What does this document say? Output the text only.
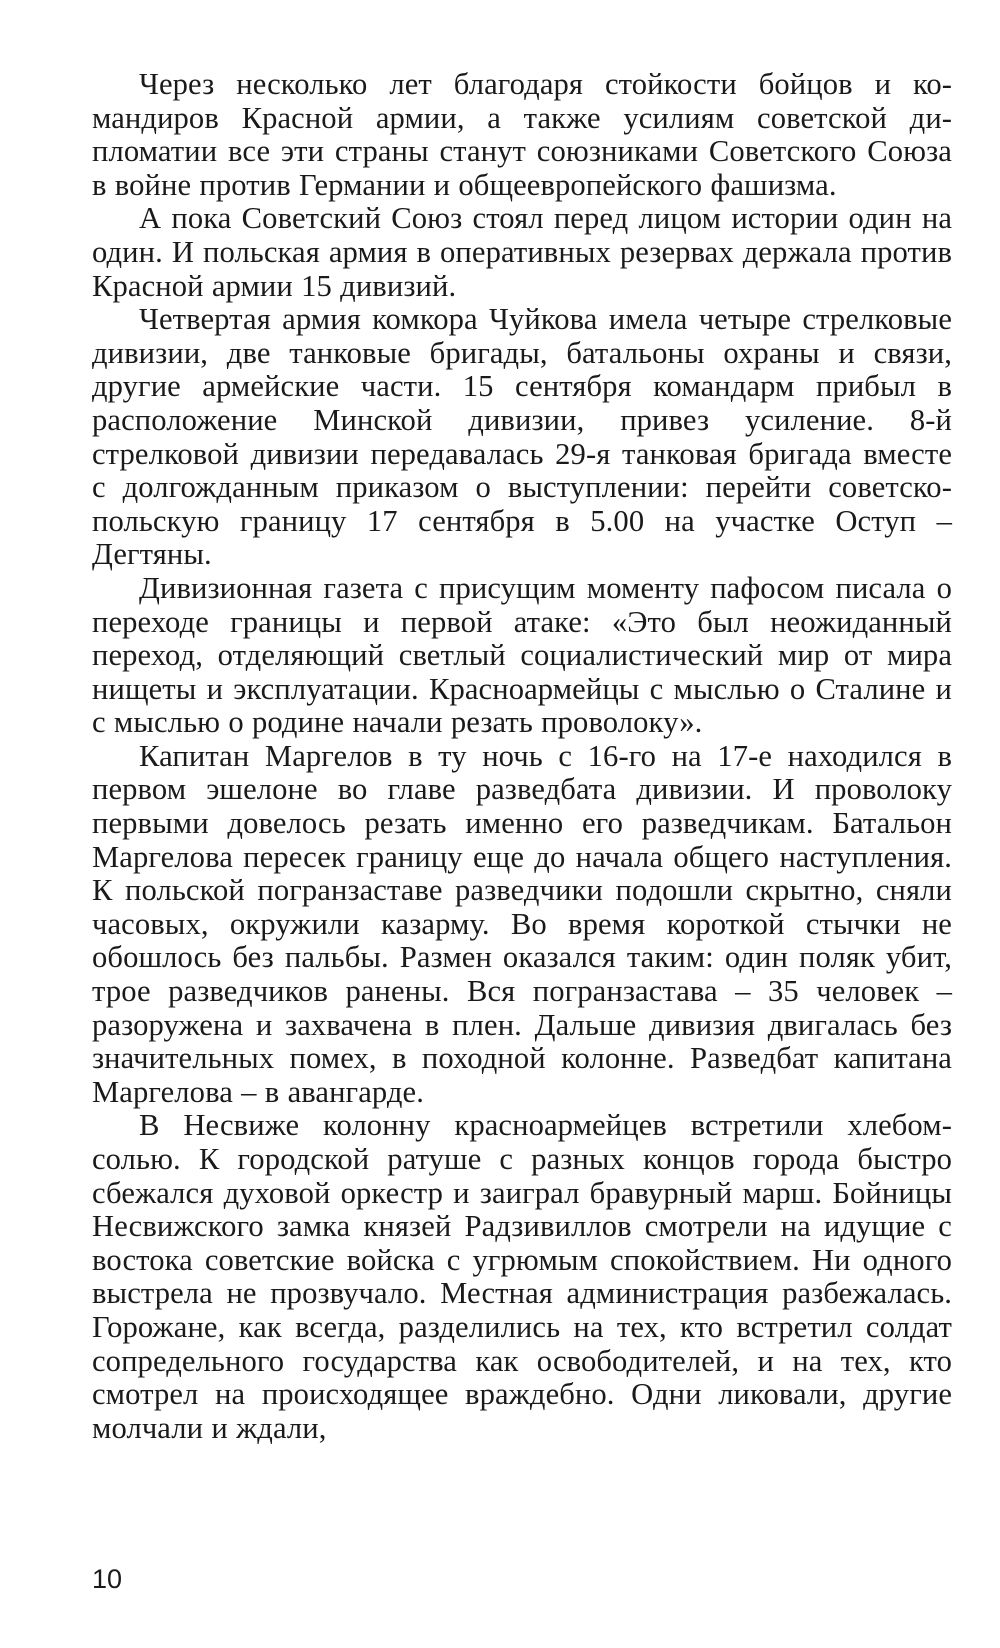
Через несколько лет благодаря стойкости бойцов и командиров Красной армии, а также усилиям советской дипломатии все эти страны станут союзниками Советского Союза в войне против Германии и общеевропейского фашизма.

А пока Советский Союз стоял перед лицом истории один на один. И польская армия в оперативных резервах держала против Красной армии 15 дивизий.

Четвертая армия комкора Чуйкова имела четыре стрелковые дивизии, две танковые бригады, батальоны охраны и связи, другие армейские части. 15 сентября командарм прибыл в расположение Минской дивизии, привез усиление. 8-й стрелковой дивизии передавалась 29-я танковая бригада вместе с долгожданным приказом о выступлении: перейти советско-польскую границу 17 сентября в 5.00 на участке Оступ – Дегтяны.

Дивизионная газета с присущим моменту пафосом писала о переходе границы и первой атаке: «Это был неожиданный переход, отделяющий светлый социалистический мир от мира нищеты и эксплуатации. Красноармейцы с мыслью о Сталине и с мыслью о родине начали резать проволоку».

Капитан Маргелов в ту ночь с 16-го на 17-е находился в первом эшелоне во главе разведбата дивизии. И проволоку первыми довелось резать именно его разведчикам. Батальон Маргелова пересек границу еще до начала общего наступления. К польской погранзаставе разведчики подошли скрытно, сняли часовых, окружили казарму. Во время короткой стычки не обошлось без пальбы. Размен оказался таким: один поляк убит, трое разведчиков ранены. Вся погранзастава – 35 человек – разоружена и захвачена в плен. Дальше дивизия двигалась без значительных помех, в походной колонне. Разведбат капитана Маргелова – в авангарде.

В Несвиже колонну красноармейцев встретили хлебом-солью. К городской ратуше с разных концов города быстро сбежался духовой оркестр и заиграл бравурный марш. Бойницы Несвижского замка князей Радзивиллов смотрели на идущие с востока советские войска с угрюмым спокойствием. Ни одного выстрела не прозвучало. Местная администрация разбежалась. Горожане, как всегда, разделились на тех, кто встретил солдат сопредельного государства как освободителей, и на тех, кто смотрел на происходящее враждебно. Одни ликовали, другие молчали и ждали,

10
